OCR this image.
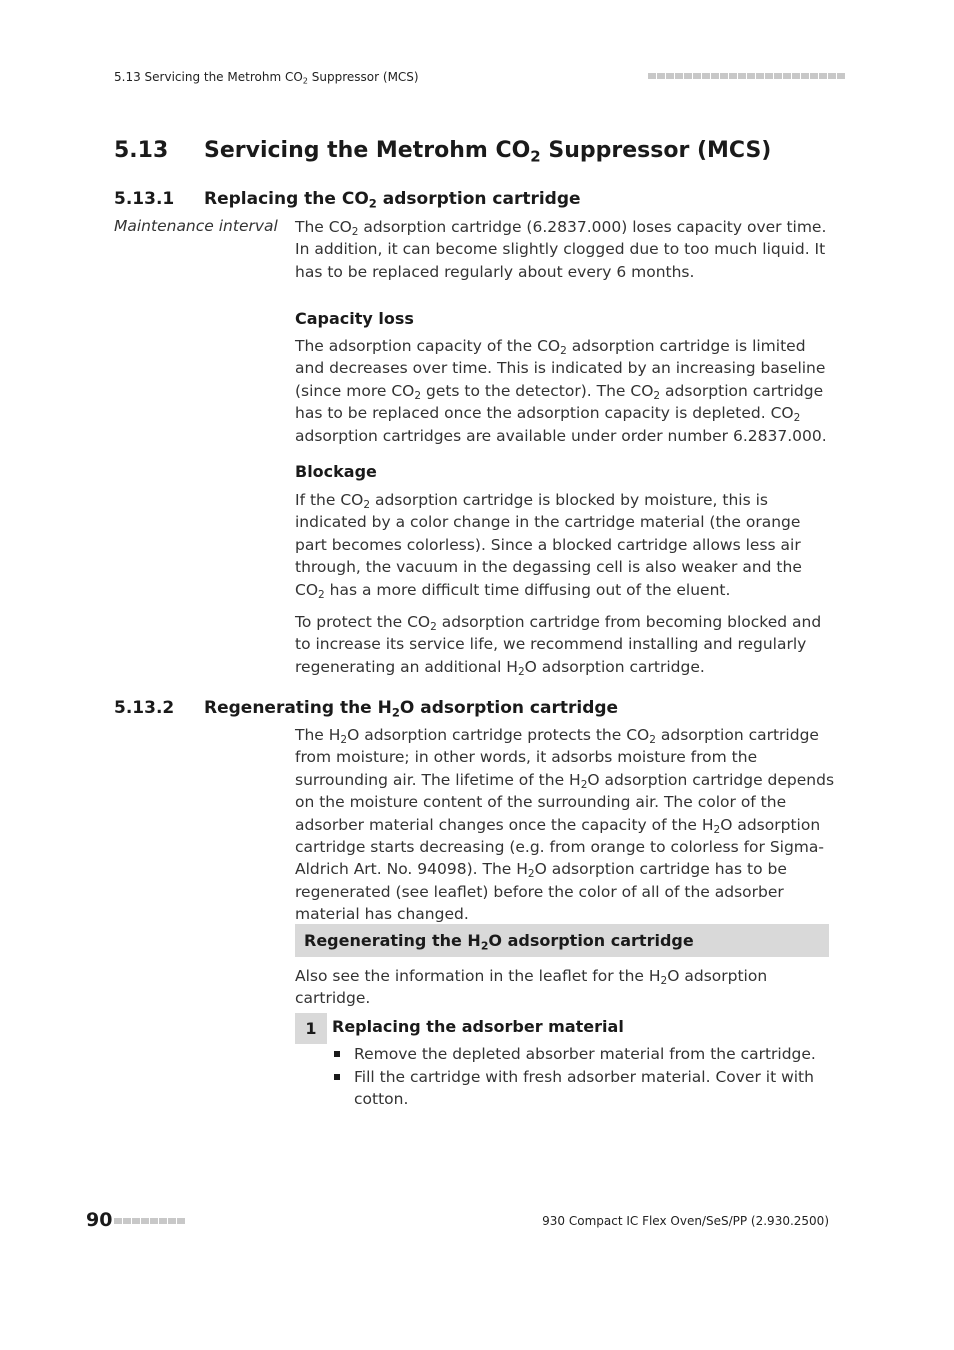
5.13 Servicing the Metrohm $CO_2$ Suppressor (MCS)
5.13 Servicing the Metrohm $CO_2$ Suppressor (MCS)
5.13.1 Replacing the $CO_2$ adsorption cartridge
Maintenance interval The $CO_2$ adsorption cartridge (6.2837.000) loses capacity over time. In addition, it can become slightly clogged due to too much liquid. It has to be replaced regularly about every 6 months.
Capacity loss
The adsorption capacity of the $CO_2$ adsorption cartridge is limited and decreases over time. This is indicated by an increasing baseline (since more $CO_2$ gets to the detector). The $CO_2$ adsorption cartridge has to be replaced once the adsorption capacity is depleted. $CO_2$ adsorption cartridges are available under order number 6.2837.000.
Blockage
If the $CO_2$ adsorption cartridge is blocked by moisture, this is indicated by a color change in the cartridge material (the orange part becomes colorless). Since a blocked cartridge allows less air through, the vacuum in the degassing cell is also weaker and the $CO_2$ has a more difficult time diffusing out of the eluent.
To protect the $CO_2$ adsorption cartridge from becoming blocked and to increase its service life, we recommend installing and regularly regenerating an additional $H_2O$ adsorption cartridge.
5.13.2 Regenerating the $H_2O$ adsorption cartridge
The $H_2O$ adsorption cartridge protects the $CO_2$ adsorption cartridge from moisture; in other words, it adsorbs moisture from the surrounding air. The lifetime of the $H_2O$ adsorption cartridge depends on the moisture content of the surrounding air. The color of the adsorber material changes once the capacity of the $H_2O$ adsorption cartridge starts decreasing (e.g. from orange to colorless for Sigma-Aldrich Art. No. 94098). The $H_2O$ adsorption cartridge has to be regenerated (see leaflet) before the color of all of the adsorber material has changed.
Regenerating the $H_2O$ adsorption cartridge
Also see the information in the leaflet for the $H_2O$ adsorption cartridge.
1 Replacing the adsorber material
Remove the depleted absorber material from the cartridge.
Fill the cartridge with fresh adsorber material. Cover it with cotton.
90	930 Compact IC Flex Oven/SeS/PP (2.930.2500)
